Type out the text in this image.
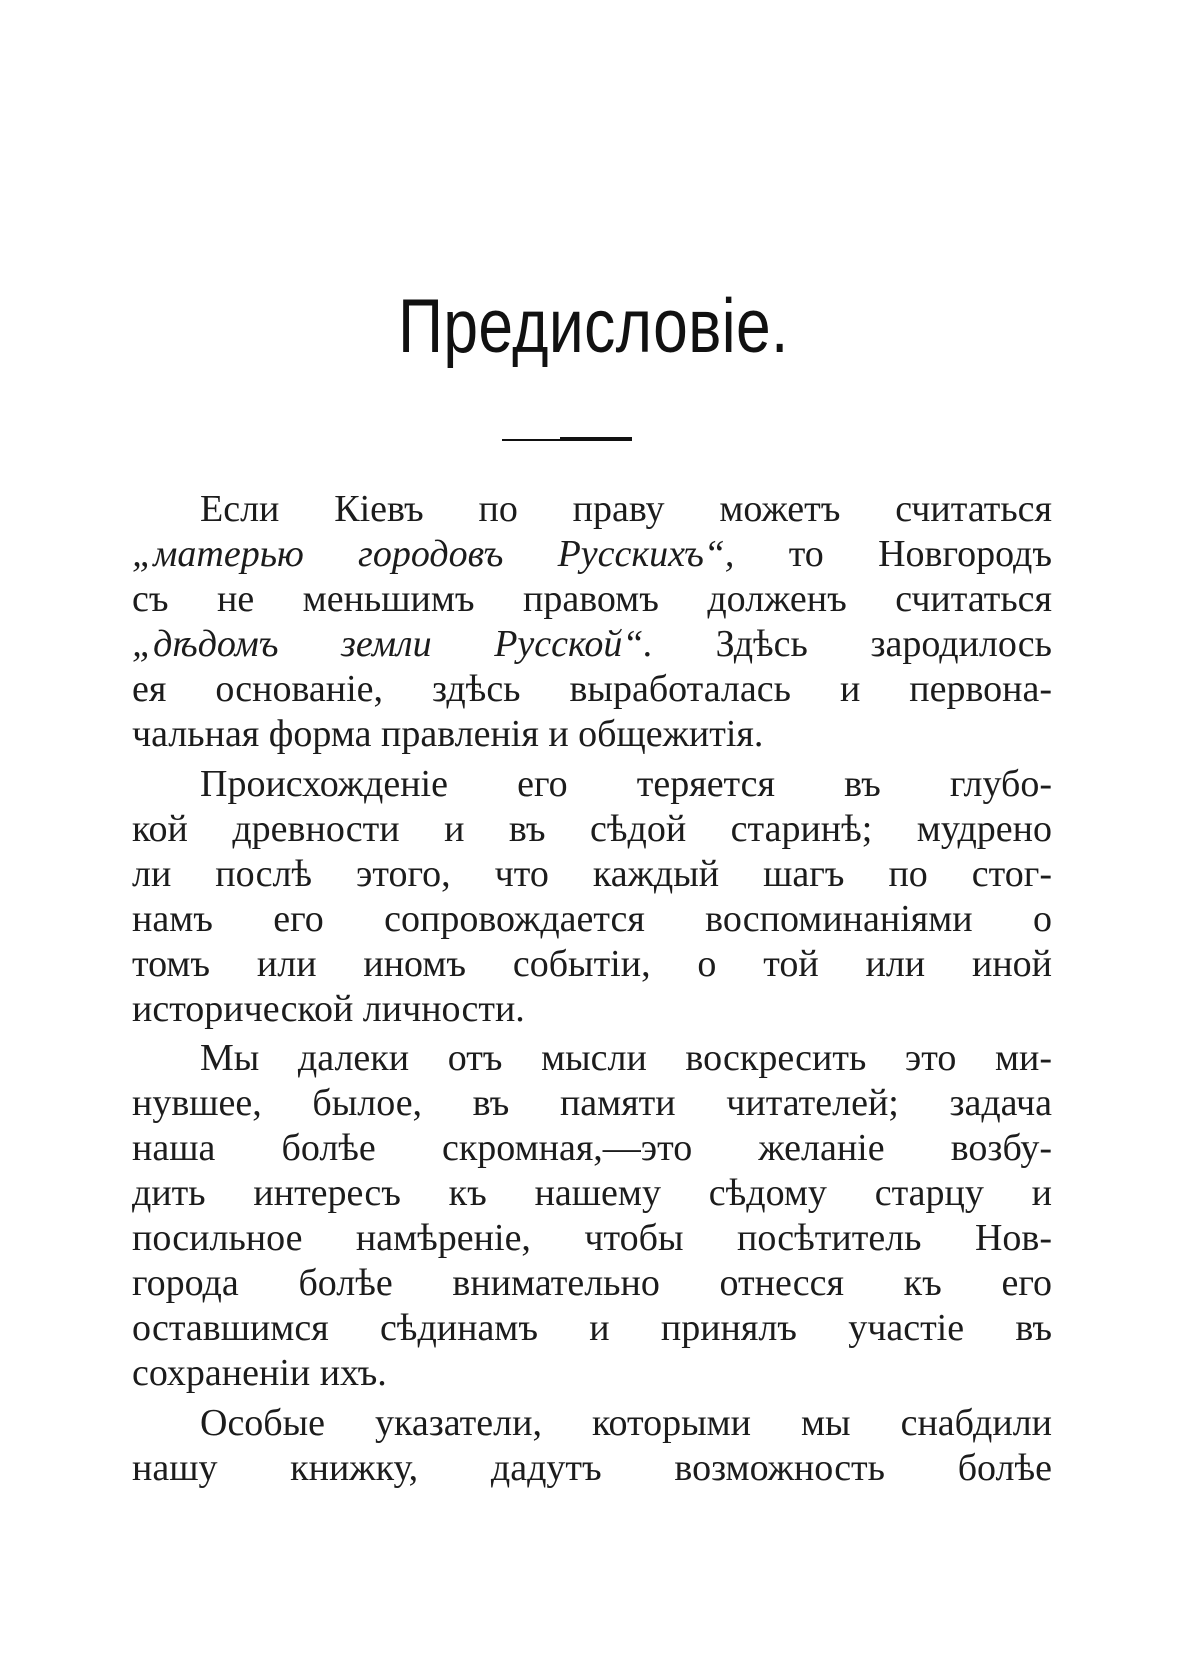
Предисловіе.
Если Кіевъ по праву можетъ считаться
„матерью городовъ Русскихъ“, то Новгородъ
съ не меньшимъ правомъ долженъ считаться
„дѣдомъ земли Русской“. Здѣсь зародилось
ея основаніе, здѣсь выработалась и первона-
чальная форма правленія и общежитія.
Происхожденіе его теряется въ глубо-
кой древности и въ сѣдой старинѣ; мудрено
ли послѣ этого, что каждый шагъ по стог-
намъ его сопровождается воспоминаніями о
томъ или иномъ событіи, о той или иной
исторической личности.
Мы далеки отъ мысли воскресить это ми-
нувшее, былое, въ памяти читателей; задача
наша болѣе скромная,—это желаніе возбу-
дить интересъ къ нашему сѣдому старцу и
посильное намѣреніе, чтобы посѣтитель Нов-
города болѣе внимательно отнесся къ его
оставшимся сѣдинамъ и принялъ участіе въ
сохраненіи ихъ.
Особые указатели, которыми мы снабдили
нашу книжку, дадутъ возможность болѣе
